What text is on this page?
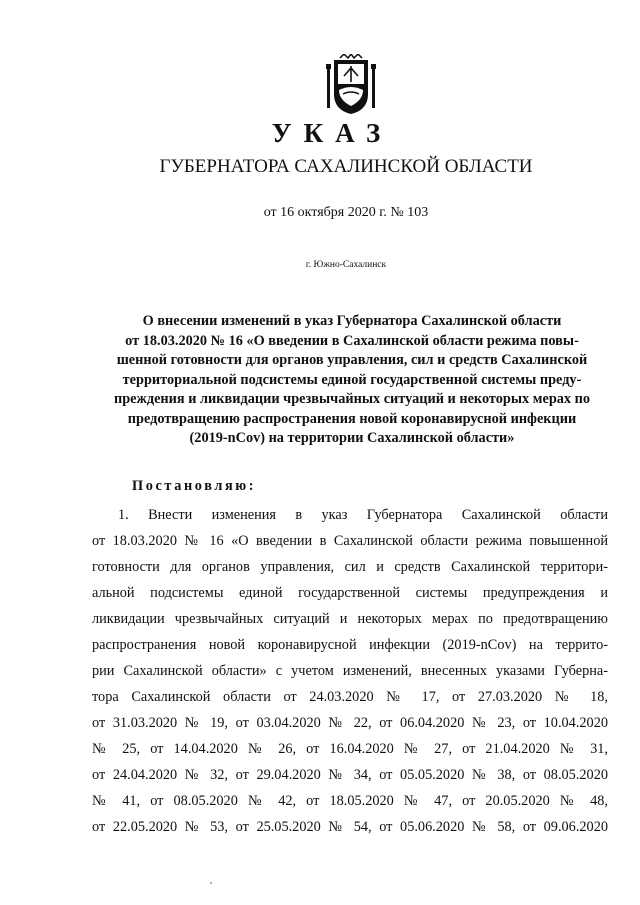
УКАЗ
ГУБЕРНАТОРА САХАЛИНСКОЙ ОБЛАСТИ
от 16 октября 2020 г. № 103
г. Южно-Сахалинск
О внесении изменений в указ Губернатора Сахалинской области
от 18.03.2020 № 16 «О введении в Сахалинской области режима повы-
шенной готовности для органов управления, сил и средств Сахалинской
территориальной подсистемы единой государственной системы преду-
преждения и ликвидации чрезвычайных ситуаций и некоторых мерах по
предотвращению распространения новой коронавирусной инфекции
(2019-nCov) на территории Сахалинской области»
Постановляю:
1. Внести изменения в указ Губернатора Сахалинской области
от 18.03.2020 № 16 «О введении в Сахалинской области режима повышенной
готовности для органов управления, сил и средств Сахалинской территори-
альной подсистемы единой государственной системы предупреждения и
ликвидации чрезвычайных ситуаций и некоторых мерах по предотвращению
распространения новой коронавирусной инфекции (2019-nCov) на террито-
рии Сахалинской области» с учетом изменений, внесенных указами Губерна-
тора Сахалинской области от 24.03.2020 № 17, от 27.03.2020 № 18,
от 31.03.2020 № 19, от 03.04.2020 № 22, от 06.04.2020 № 23, от 10.04.2020
№ 25, от 14.04.2020 № 26, от 16.04.2020 № 27, от 21.04.2020 № 31,
от 24.04.2020 № 32, от 29.04.2020 № 34, от 05.05.2020 № 38, от 08.05.2020
№ 41, от 08.05.2020 № 42, от 18.05.2020 № 47, от 20.05.2020 № 48,
от 22.05.2020 № 53, от 25.05.2020 № 54, от 05.06.2020 № 58, от 09.06.2020
